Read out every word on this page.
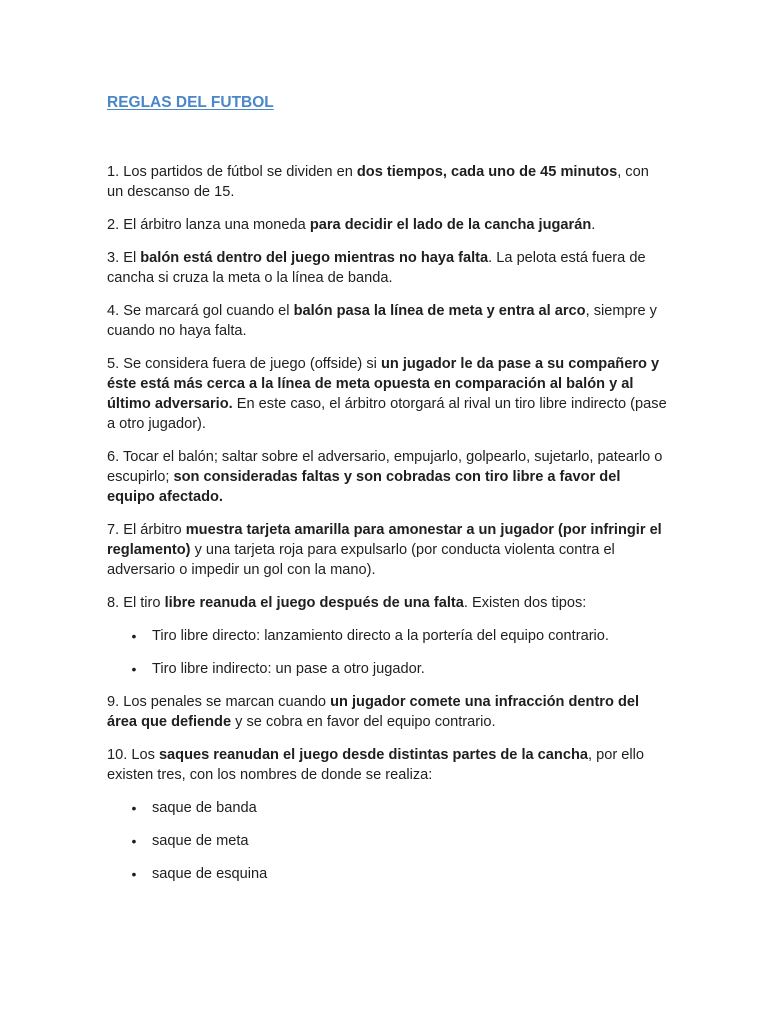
REGLAS DEL FUTBOL

1. Los partidos de fútbol se dividen en dos tiempos, cada uno de 45 minutos, con un descanso de 15.

2. El árbitro lanza una moneda para decidir el lado de la cancha jugarán.

3. El balón está dentro del juego mientras no haya falta. La pelota está fuera de cancha si cruza la meta o la línea de banda.

4. Se marcará gol cuando el balón pasa la línea de meta y entra al arco, siempre y cuando no haya falta.

5. Se considera fuera de juego (offside) si un jugador le da pase a su compañero y éste está más cerca a la línea de meta opuesta en comparación al balón y al último adversario. En este caso, el árbitro otorgará al rival un tiro libre indirecto (pase a otro jugador).

6. Tocar el balón; saltar sobre el adversario, empujarlo, golpearlo, sujetarlo, patearlo o escupirlo; son consideradas faltas y son cobradas con tiro libre a favor del equipo afectado.

7. El árbitro muestra tarjeta amarilla para amonestar a un jugador (por infringir el reglamento) y una tarjeta roja para expulsarlo (por conducta violenta contra el adversario o impedir un gol con la mano).

8. El tiro libre reanuda el juego después de una falta. Existen dos tipos:

• Tiro libre directo: lanzamiento directo a la portería del equipo contrario.
• Tiro libre indirecto: un pase a otro jugador.

9. Los penales se marcan cuando un jugador comete una infracción dentro del área que defiende y se cobra en favor del equipo contrario.

10. Los saques reanudan el juego desde distintas partes de la cancha, por ello existen tres, con los nombres de donde se realiza:

• saque de banda
• saque de meta
• saque de esquina
